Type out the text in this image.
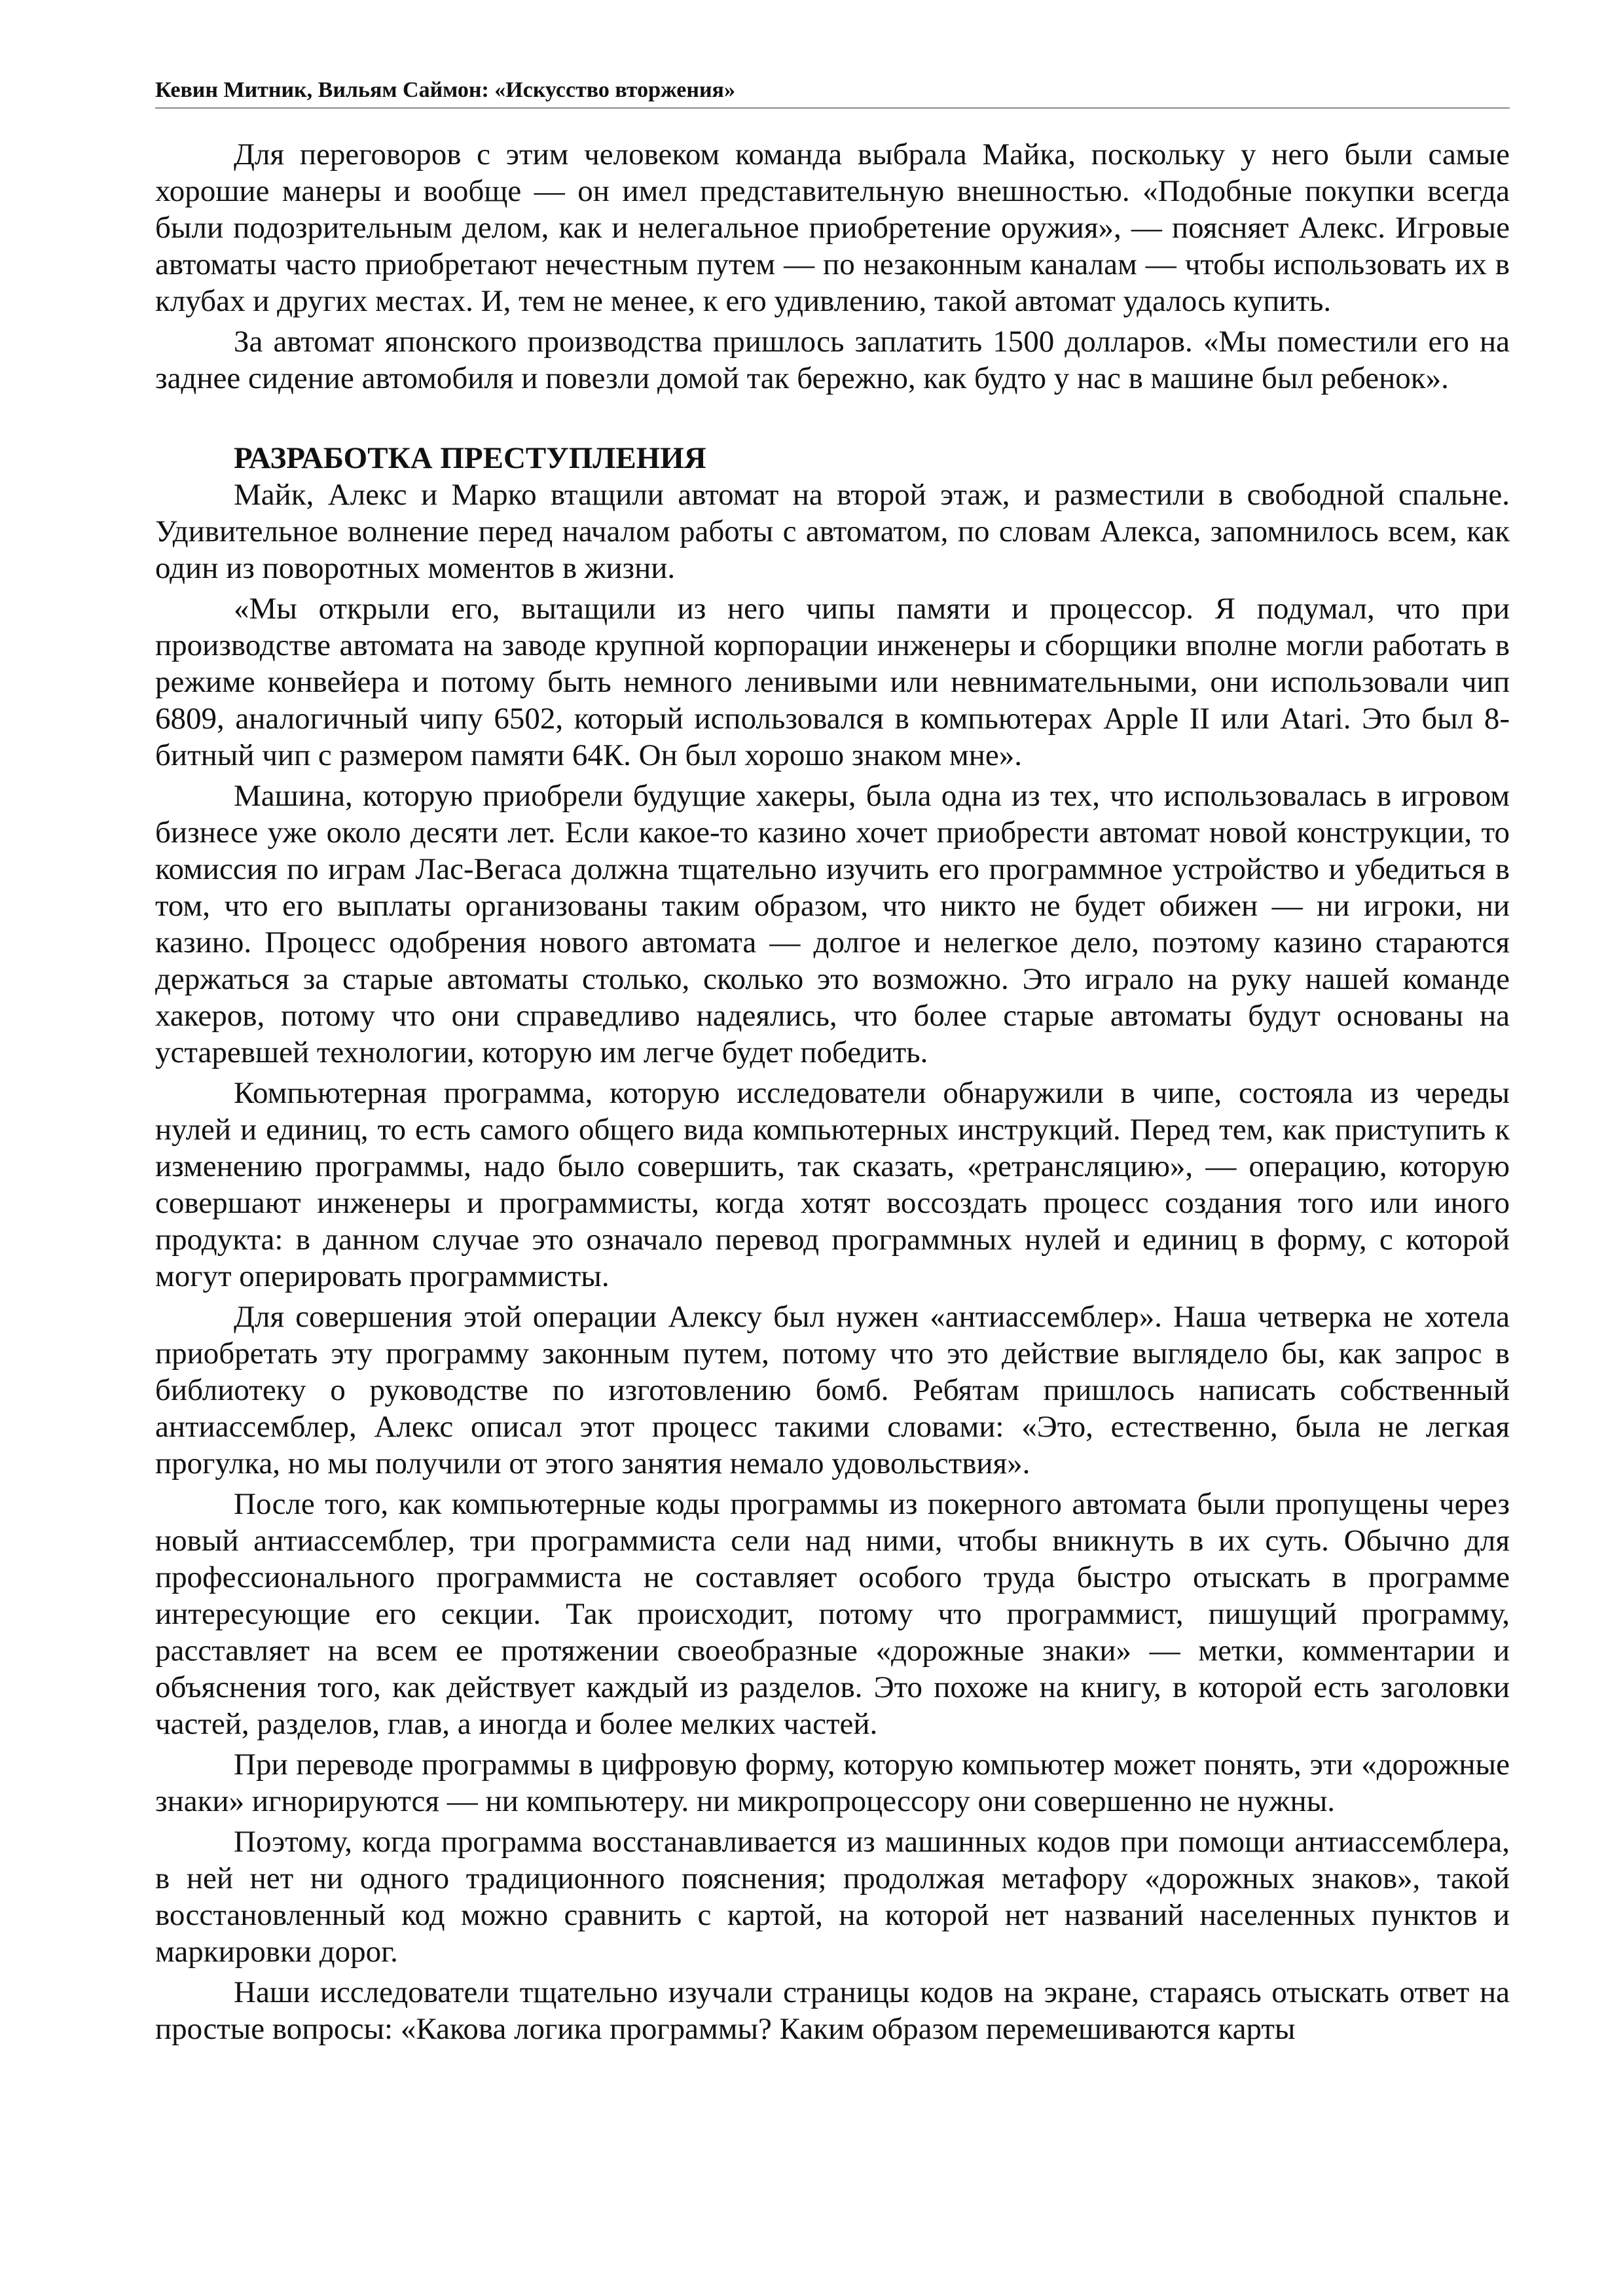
Кевин Митник, Вильям Саймон: «Искусство вторжения»

Для переговоров с этим человеком команда выбрала Майка, поскольку у него были самые хорошие манеры и вообще — он имел представительную внешностью. «Подобные покупки всегда были подозрительным делом, как и нелегальное приобретение оружия», — поясняет Алекс. Игровые автоматы часто приобретают нечестным путем — по незаконным каналам — чтобы использовать их в клубах и других местах. И, тем не менее, к его удивлению, такой автомат удалось купить.

За автомат японского производства пришлось заплатить 1500 долларов. «Мы поместили его на заднее сидение автомобиля и повезли домой так бережно, как будто у нас в машине был ребенок».

РАЗРАБОТКА ПРЕСТУПЛЕНИЯ

Майк, Алекс и Марко втащили автомат на второй этаж, и разместили в свободной спальне. Удивительное волнение перед началом работы с автоматом, по словам Алекса, запомнилось всем, как один из поворотных моментов в жизни.

«Мы открыли его, вытащили из него чипы памяти и процессор. Я подумал, что при производстве автомата на заводе крупной корпорации инженеры и сборщики вполне могли работать в режиме конвейера и потому быть немного ленивыми или невнимательными, они использовали чип 6809, аналогичный чипу 6502, который использовался в компьютерах Apple II или Atari. Это был 8-битный чип с размером памяти 64К. Он был хорошо знаком мне».

Машина, которую приобрели будущие хакеры, была одна из тех, что использовалась в игровом бизнесе уже около десяти лет. Если какое-то казино хочет приобрести автомат новой конструкции, то комиссия по играм Лас-Вегаса должна тщательно изучить его программное устройство и убедиться в том, что его выплаты организованы таким образом, что никто не будет обижен — ни игроки, ни казино. Процесс одобрения нового автомата — долгое и нелегкое дело, поэтому казино стараются держаться за старые автоматы столько, сколько это возможно. Это играло на руку нашей команде хакеров, потому что они справедливо надеялись, что более старые автоматы будут основаны на устаревшей технологии, которую им легче будет победить.

Компьютерная программа, которую исследователи обнаружили в чипе, состояла из череды нулей и единиц, то есть самого общего вида компьютерных инструкций. Перед тем, как приступить к изменению программы, надо было совершить, так сказать, «ретрансляцию», — операцию, которую совершают инженеры и программисты, когда хотят воссоздать процесс создания того или иного продукта: в данном случае это означало перевод программных нулей и единиц в форму, с которой могут оперировать программисты.

Для совершения этой операции Алексу был нужен «антиассемблер». Наша четверка не хотела приобретать эту программу законным путем, потому что это действие выглядело бы, как запрос в библиотеку о руководстве по изготовлению бомб. Ребятам пришлось написать собственный антиассемблер, Алекс описал этот процесс такими словами: «Это, естественно, была не легкая прогулка, но мы получили от этого занятия немало удовольствия».

После того, как компьютерные коды программы из покерного автомата были пропущены через новый антиассемблер, три программиста сели над ними, чтобы вникнуть в их суть. Обычно для профессионального программиста не составляет особого труда быстро отыскать в программе интересующие его секции. Так происходит, потому что программист, пишущий программу, расставляет на всем ее протяжении своеобразные «дорожные знаки» — метки, комментарии и объяснения того, как действует каждый из разделов. Это похоже на книгу, в которой есть заголовки частей, разделов, глав, а иногда и более мелких частей.

При переводе программы в цифровую форму, которую компьютер может понять, эти «дорожные знаки» игнорируются — ни компьютеру. ни микропроцессору они совершенно не нужны.

Поэтому, когда программа восстанавливается из машинных кодов при помощи антиассемблера, в ней нет ни одного традиционного пояснения; продолжая метафору «дорожных знаков», такой восстановленный код можно сравнить с картой, на которой нет названий населенных пунктов и маркировки дорог.

Наши исследователи тщательно изучали страницы кодов на экране, стараясь отыскать ответ на простые вопросы: «Какова логика программы? Каким образом перемешиваются карты
